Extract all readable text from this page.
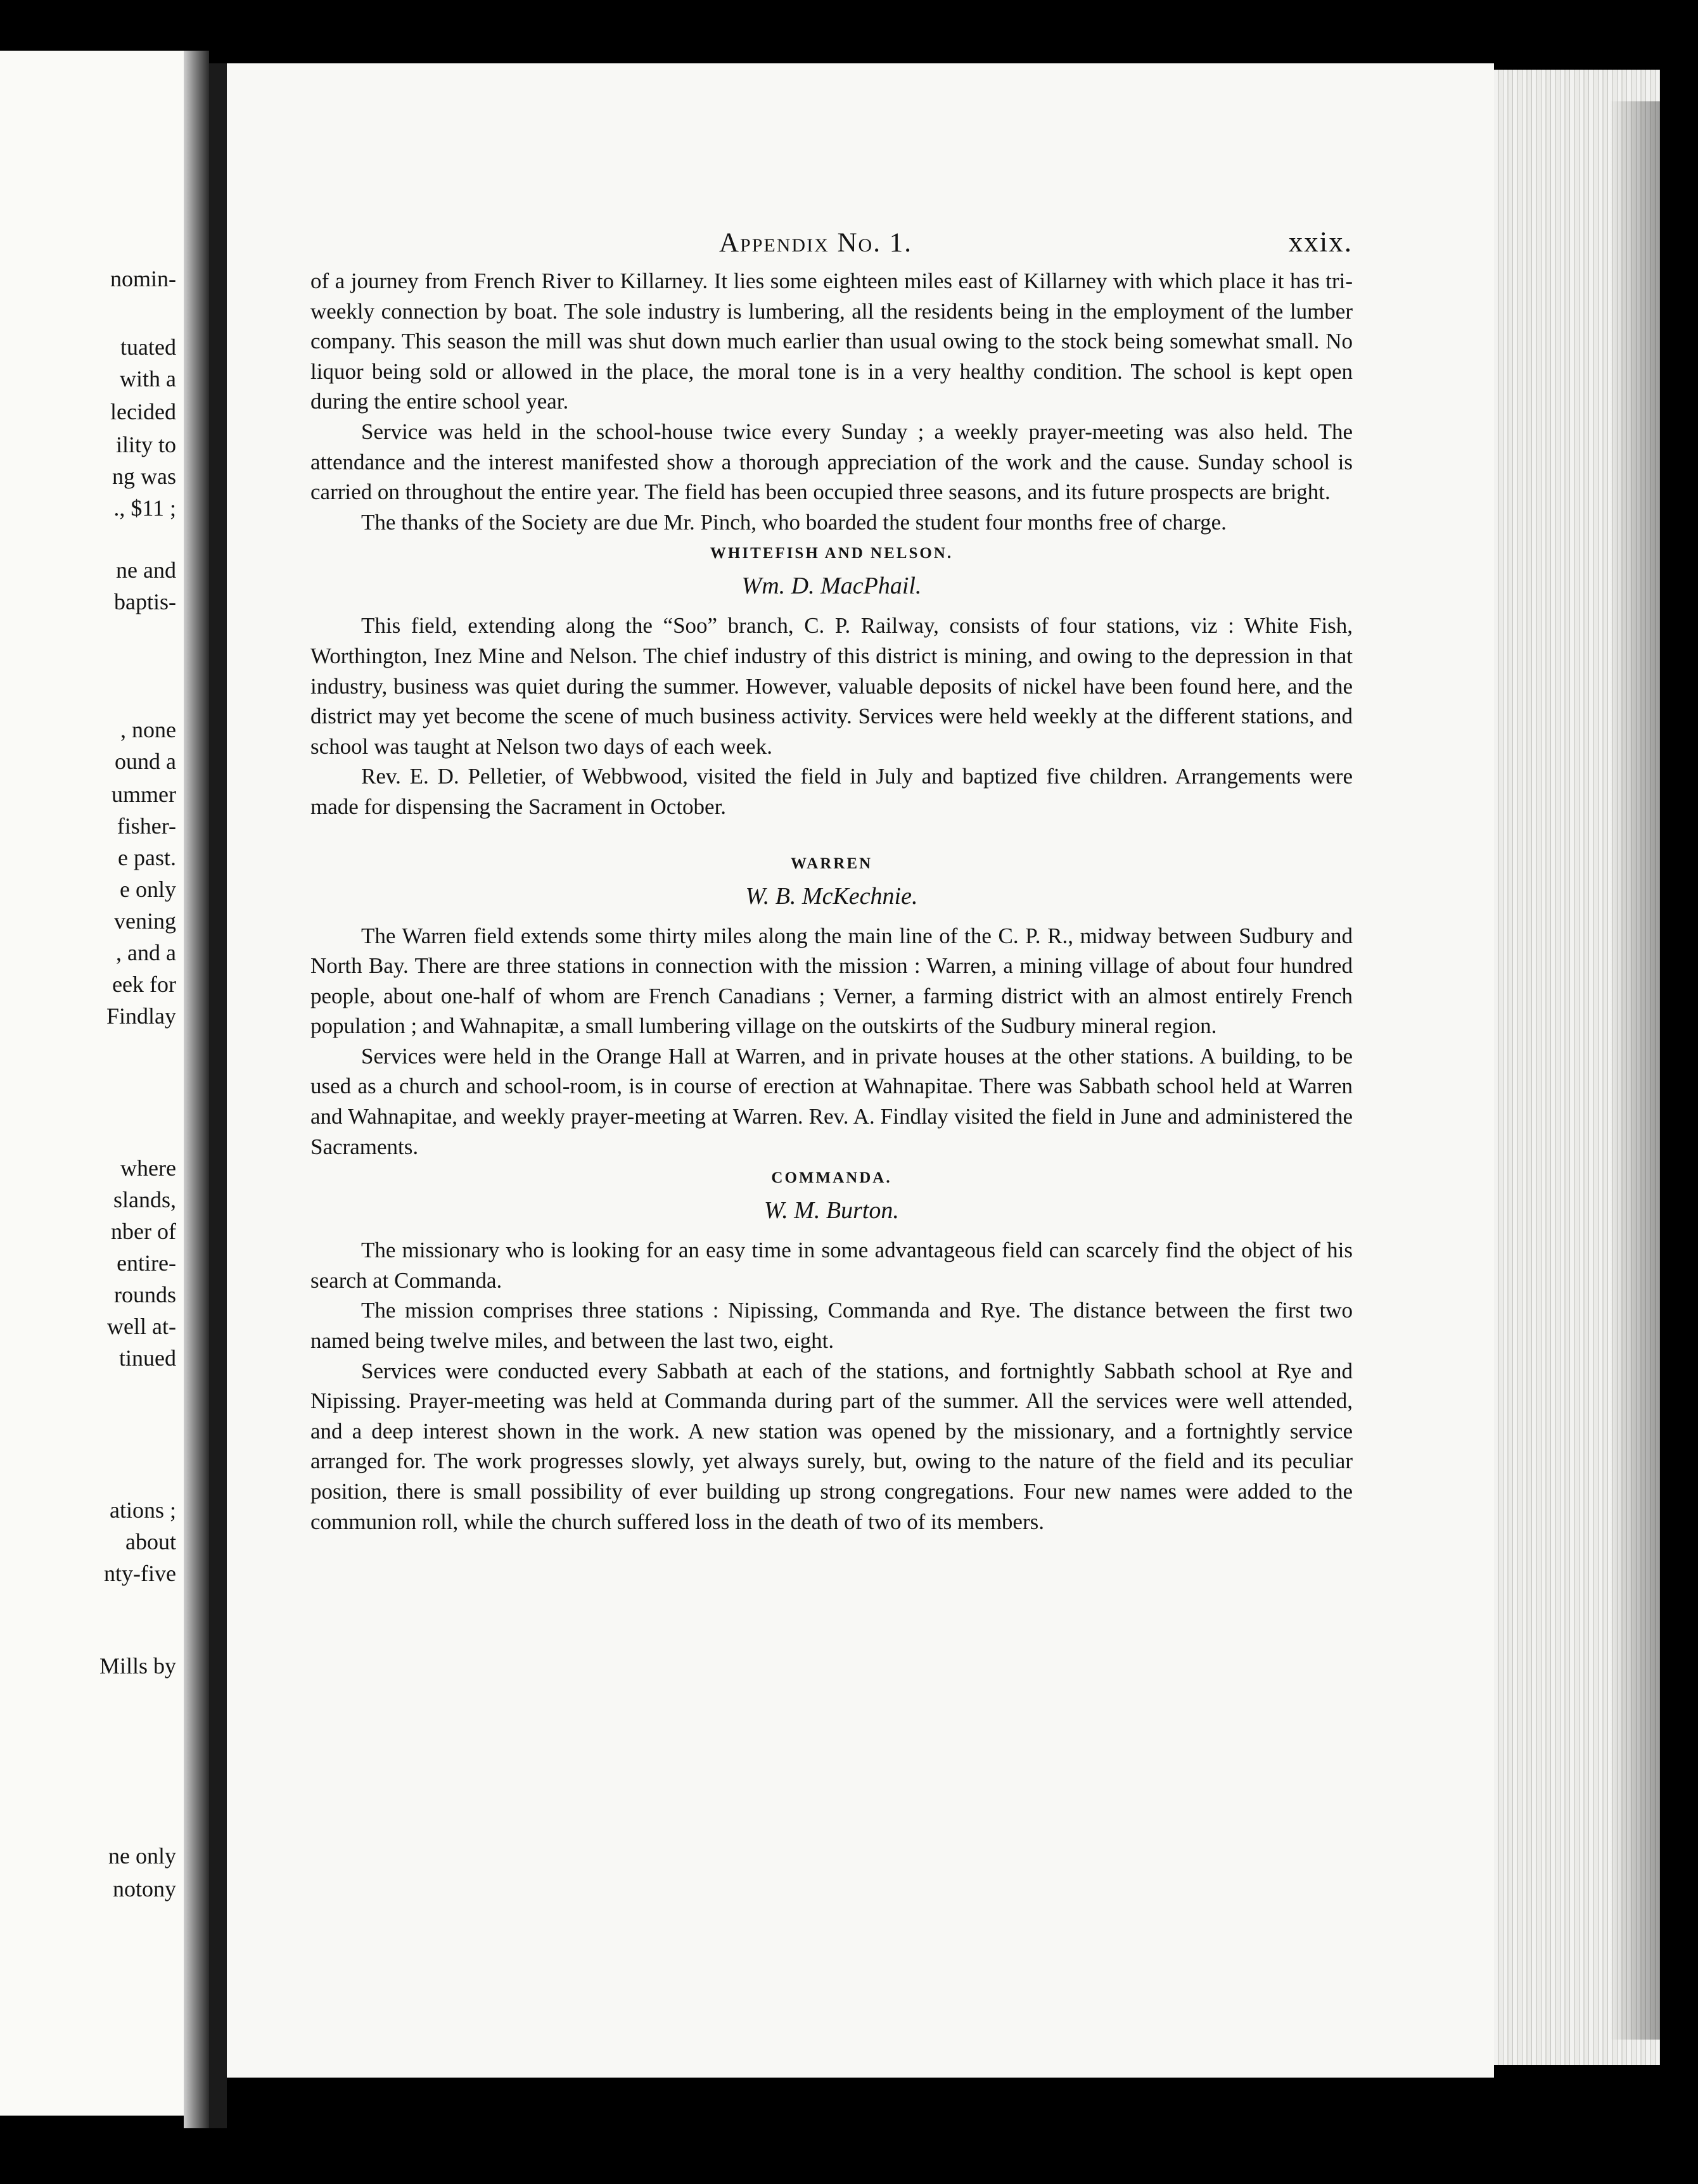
nomin-
tuated
with a
lecided
ility to
ng was
., $11 ;
ne and
baptis-
, none
ound a
ummer
fisher-
e past.
e only
vening
, and a
eek for
Findlay
where
slands,
nber of
entire-
rounds
well at-
tinued
ations ;
about
nty-five
Mills by
ne only
notony
Appendix No. 1.	xxix.

of a journey from French River to Killarney. It lies some eighteen miles east of Killarney with which place it has tri-weekly connection by boat. The sole industry is lumbering, all the residents being in the employment of the lumber company. This season the mill was shut down much earlier than usual owing to the stock being somewhat small. No liquor being sold or allowed in the place, the moral tone is in a very healthy condition. The school is kept open during the entire school year.

Service was held in the school-house twice every Sunday ; a weekly prayer-meeting was also held. The attendance and the interest manifested show a thorough appreciation of the work and the cause. Sunday school is carried on throughout the entire year. The field has been occupied three seasons, and its future prospects are bright.

The thanks of the Society are due Mr. Pinch, who boarded the student four months free of charge.

WHITEFISH AND NELSON.
Wm. D. MacPhail.

This field, extending along the “Soo” branch, C. P. Railway, consists of four stations, viz : White Fish, Worthington, Inez Mine and Nelson. The chief industry of this district is mining, and owing to the depression in that industry, business was quiet during the summer. However, valuable deposits of nickel have been found here, and the district may yet become the scene of much business activity. Services were held weekly at the different stations, and school was taught at Nelson two days of each week.

Rev. E. D. Pelletier, of Webbwood, visited the field in July and baptized five children. Arrangements were made for dispensing the Sacrament in October.

WARREN
W. B. McKechnie.

The Warren field extends some thirty miles along the main line of the C. P. R., midway between Sudbury and North Bay. There are three stations in connection with the mission : Warren, a mining village of about four hundred people, about one-half of whom are French Canadians ; Verner, a farming district with an almost entirely French population ; and Wahnapitæ, a small lumbering village on the outskirts of the Sudbury mineral region.

Services were held in the Orange Hall at Warren, and in private houses at the other stations. A building, to be used as a church and school-room, is in course of erection at Wahnapitae. There was Sabbath school held at Warren and Wahnapitae, and weekly prayer-meeting at Warren. Rev. A. Findlay visited the field in June and administered the Sacraments.

COMMANDA.
W. M. Burton.

The missionary who is looking for an easy time in some advantageous field can scarcely find the object of his search at Commanda.

The mission comprises three stations : Nipissing, Commanda and Rye. The distance between the first two named being twelve miles, and between the last two, eight.

Services were conducted every Sabbath at each of the stations, and fortnightly Sabbath school at Rye and Nipissing. Prayer-meeting was held at Commanda during part of the summer. All the services were well attended, and a deep interest shown in the work. A new station was opened by the missionary, and a fortnightly service arranged for. The work progresses slowly, yet always surely, but, owing to the nature of the field and its peculiar position, there is small possibility of ever building up strong congregations. Four new names were added to the communion roll, while the church suffered loss in the death of two of its members.
